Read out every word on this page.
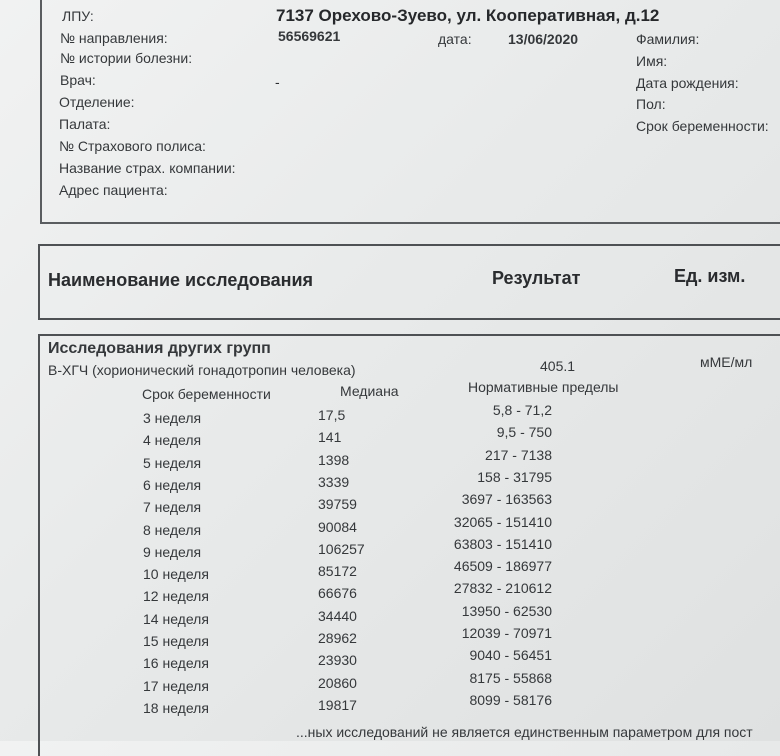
ЛПУ:	7137 Орехово-Зуево, ул. Кооперативная, д.12
№ направления:	56569621	дата:	13/06/2020	Фамилия:
№ истории болезни:	Имя:
Врач:	-	Дата рождения:
Отделение:	Пол:
Палата:	Срок беременности:
№ Страхового полиса:
Название страх. компании:
Адрес пациента:
Наименование исследования	Результат	Ед. изм.
Исследования других групп
В-ХГЧ (хорионический гонадотропин человека)	405.1	мМЕ/мл
Срок беременности	Медиана	Нормативные пределы
3 неделя	17,5	5,8 - 71,2
4 неделя	141	9,5 - 750
5 неделя	1398	217 - 7138
6 неделя	3339	158 - 31795
7 неделя	39759	3697 - 163563
8 неделя	90084	32065 - 151410
9 неделя	106257	63803 - 151410
10 неделя	85172	46509 - 186977
12 неделя	66676	27832 - 210612
14 неделя	34440	13950 - 62530
15 неделя	28962	12039 - 70971
16 неделя	23930	9040 - 56451
17 неделя	20860	8175 - 55868
18 неделя	19817	8099 - 58176
...ных исследований не является единственным параметром для пост
